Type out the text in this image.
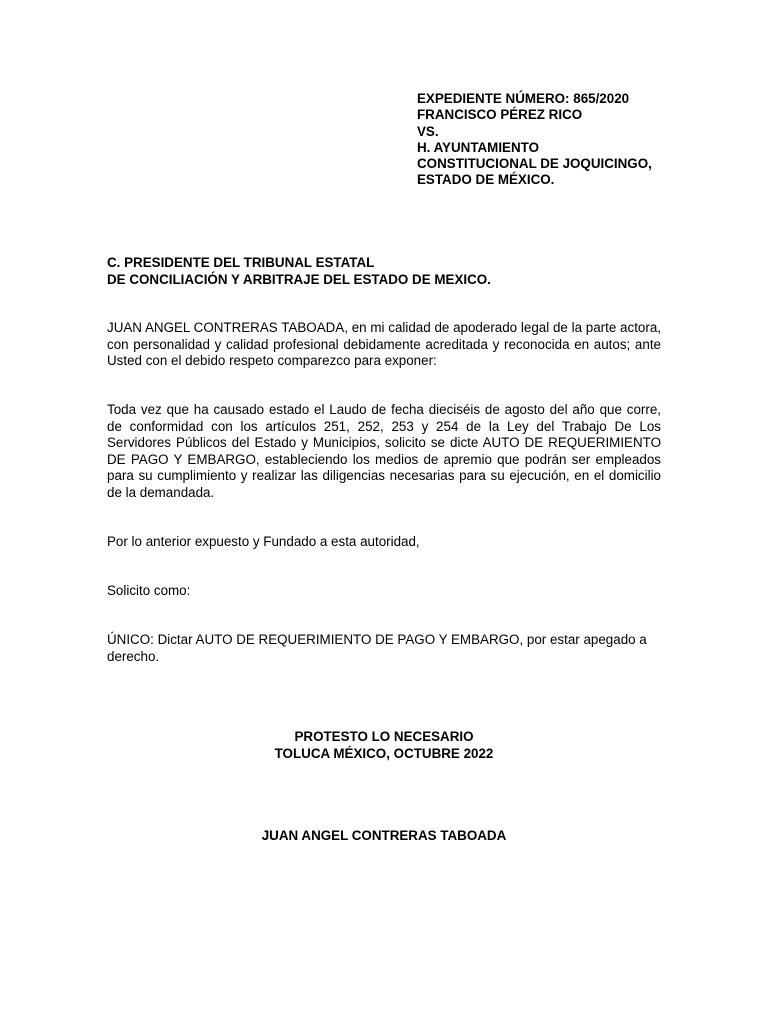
EXPEDIENTE NÚMERO: 865/2020
FRANCISCO PÉREZ RICO
VS.
H. AYUNTAMIENTO
CONSTITUCIONAL DE JOQUICINGO,
ESTADO DE MÉXICO.
C. PRESIDENTE DEL TRIBUNAL ESTATAL
DE CONCILIACIÓN Y ARBITRAJE DEL ESTADO DE MEXICO.
JUAN ANGEL CONTRERAS TABOADA, en mi calidad de apoderado legal de la parte actora, con personalidad y calidad profesional debidamente acreditada y reconocida en autos; ante Usted con el debido respeto comparezco para exponer:
Toda vez que ha causado estado el Laudo de fecha dieciséis de agosto del año que corre, de conformidad con los artículos 251, 252, 253 y 254 de la Ley del Trabajo De Los Servidores Públicos del Estado y Municipios, solicito se dicte AUTO DE REQUERIMIENTO DE PAGO Y EMBARGO, estableciendo los medios de apremio que podrán ser empleados para su cumplimiento y realizar las diligencias necesarias para su ejecución, en el domicilio de la demandada.
Por lo anterior expuesto y Fundado a esta autoridad,
Solicito como:
ÚNICO: Dictar AUTO DE REQUERIMIENTO DE PAGO Y EMBARGO, por estar apegado a derecho.
PROTESTO LO NECESARIO
TOLUCA MÉXICO, OCTUBRE 2022
JUAN ANGEL CONTRERAS TABOADA
